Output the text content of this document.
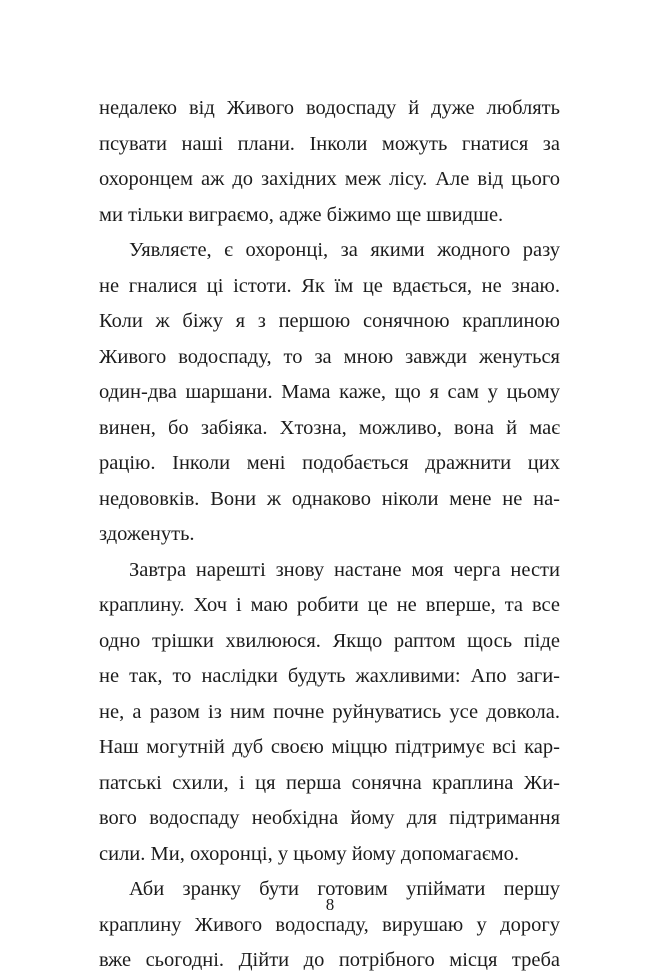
недалеко від Живого водоспаду й дуже люблять
псувати наші плани. Інколи можуть гнатися за
охоронцем аж до західних меж лісу. Але від цього
ми тільки виграємо, адже біжимо ще швидше.
Уявляєте, є охоронці, за якими жодного разу
не гналися ці істоти. Як їм це вдається, не знаю.
Коли ж біжу я з першою сонячною краплиною
Живого водоспаду, то за мною завжди женуться
один-два шаршани. Мама каже, що я сам у цьому
винен, бо забіяка. Хтозна, можливо, вона й має
рацію. Інколи мені подобається дражнити цих
недововків. Вони ж однаково ніколи мене не на-
здоженуть.
Завтра нарешті знову настане моя черга нести
краплину. Хоч і маю робити це не вперше, та все
одно трішки хвилююся. Якщо раптом щось піде
не так, то наслідки будуть жахливими: Апо заги-
не, а разом із ним почне руйнуватись усе довкола.
Наш могутній дуб своєю міццю підтримує всі кар-
патські схили, і ця перша сонячна краплина Жи-
вого водоспаду необхідна йому для підтримання
сили. Ми, охоронці, у цьому йому допомагаємо.
Аби зранку бути готовим упіймати першу
краплину Живого водоспаду, вирушаю у дорогу
вже сьогодні. Дійти до потрібного місця треба
8
